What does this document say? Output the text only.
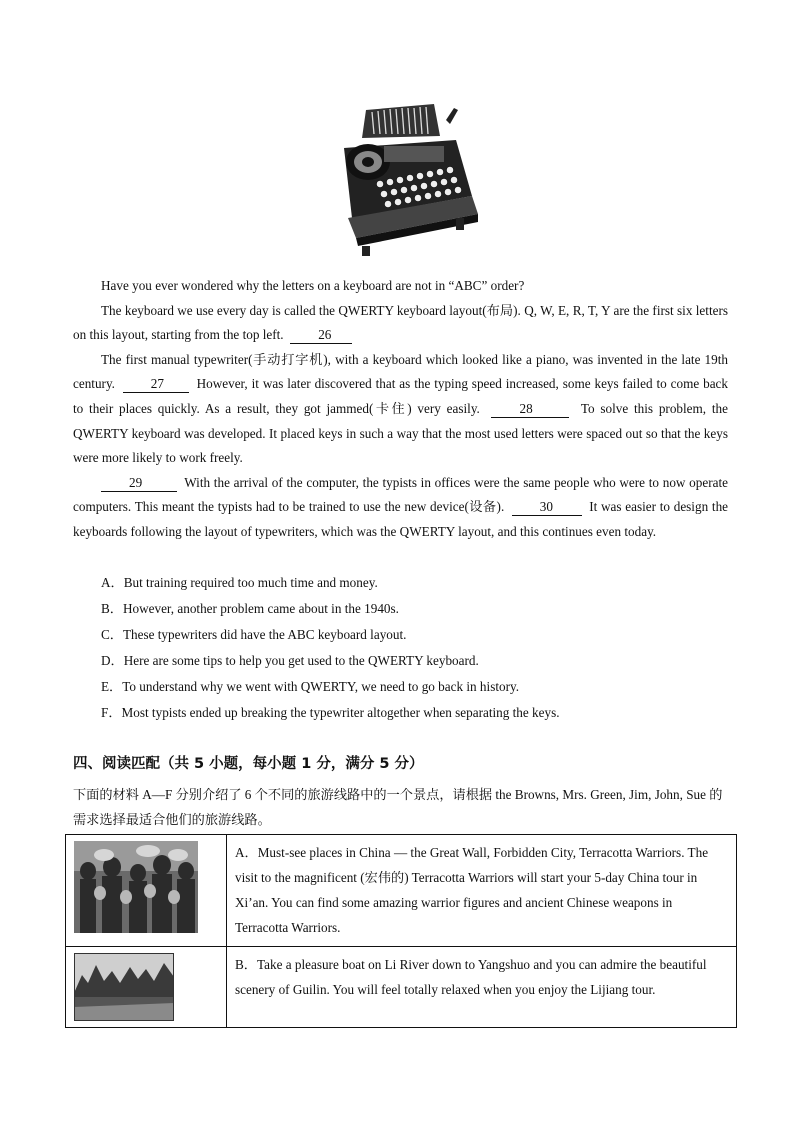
Have you ever wondered why the letters on a keyboard are not in “ABC” order?

The keyboard we use every day is called the QWERTY keyboard layout(布局). Q, W, E, R, T, Y are the first six letters on this layout, starting from the top left.	26

The first manual typewriter(手动打字机), with a keyboard which looked like a piano, was invented in the late 19th century.	27 However, it was later discovered that as the typing speed increased, some keys failed to come back to their places quickly. As a result, they got jammed(卡住) very easily.	28	To solve this problem, the QWERTY keyboard was developed. It placed keys in such a way that the most used letters were spaced out so that the keys were more likely to work freely.

29	With the arrival of the computer, the typists in offices were the same people who were to now operate computers. This meant the typists had to be trained to use the new device(设备).	30	It was easier to design the keyboards following the layout of typewriters, which was the QWERTY layout, and this continues even today.

A．But training required too much time and money.
B．However, another problem came about in the 1940s.
C．These typewriters did have the ABC keyboard layout.
D．Here are some tips to help you get used to the QWERTY keyboard.
E．To understand why we went with QWERTY, we need to go back in history.
F．Most typists ended up breaking the typewriter altogether when separating the keys.
四、阅读匹配（共 5 小题，每小题 1 分，满分 5 分）
下面的材料 A—F 分别介绍了 6 个不同的旅游线路中的一个景点，请根据 the Browns, Mrs. Green, Jim, John, Sue 的需求选择最适合他们的旅游线路。
	A．Must-see places in China — the Great Wall, Forbidden City, Terracotta Warriors. The visit to the magnificent (宏伟的) Terracotta Warriors will start your 5-day China tour in Xi’an. You can find some amazing warrior figures and ancient Chinese weapons in Terracotta Warriors.

	B．Take a pleasure boat on Li River down to Yangshuo and you can admire the beautiful scenery of Guilin. You will feel totally relaxed when you enjoy the Lijiang tour.
